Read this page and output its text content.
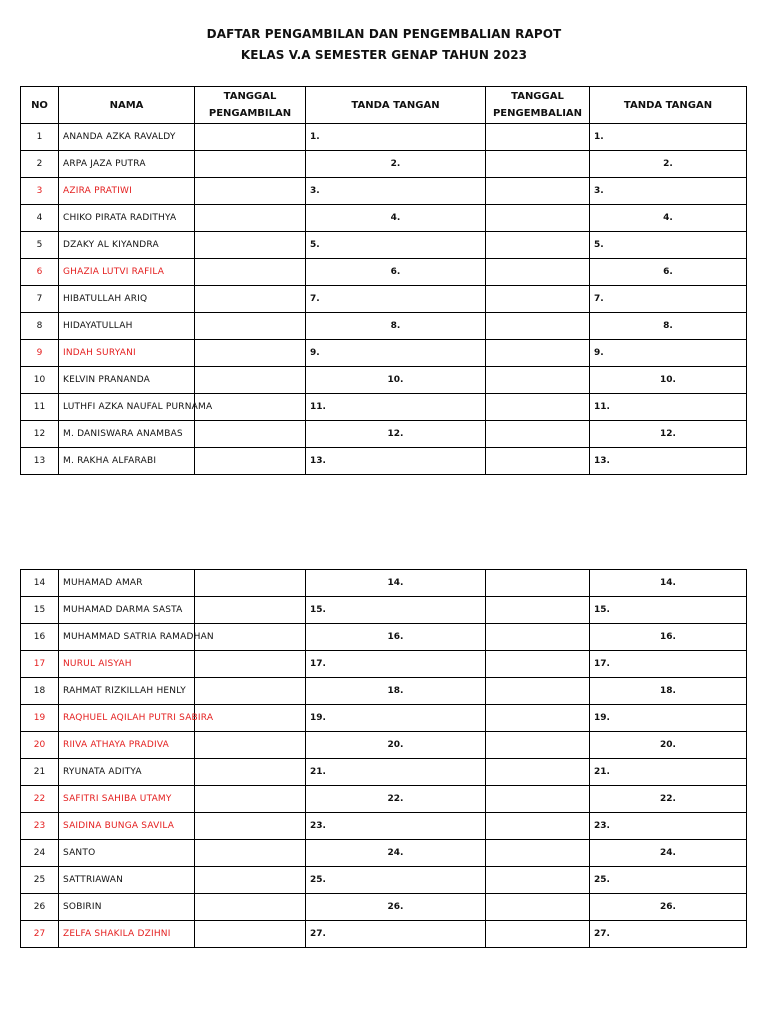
DAFTAR PENGAMBILAN DAN PENGEMBALIAN RAPOT
KELAS V.A SEMESTER GENAP TAHUN 2023
NO	NAMA	TANGGAL PENGAMBILAN	TANDA TANGAN	TANGGAL PENGEMBALIAN	TANDA TANGAN
1	ANANDA AZKA RAVALDY		1.		1.
2	ARPA JAZA PUTRA		2.		2.
3	AZIRA PRATIWI		3.		3.
4	CHIKO PIRATA RADITHYA		4.		4.
5	DZAKY AL KIYANDRA		5.		5.
6	GHAZIA LUTVI RAFILA		6.		6.
7	HIBATULLAH ARIQ		7.		7.
8	HIDAYATULLAH		8.		8.
9	INDAH SURYANI		9.		9.
10	KELVIN PRANANDA		10.		10.
11	LUTHFI AZKA NAUFAL PURNAMA		11.		11.
12	M. DANISWARA ANAMBAS		12.		12.
13	M. RAKHA ALFARABI		13.		13.
14	MUHAMAD AMAR		14.		14.
15	MUHAMAD DARMA SASTA		15.		15.
16	MUHAMMAD SATRIA RAMADHAN		16.		16.
17	NURUL AISYAH		17.		17.
18	RAHMAT RIZKILLAH HENLY		18.		18.
19	RAQHUEL AQILAH PUTRI SABIRA		19.		19.
20	RIIVA ATHAYA PRADIVA		20.		20.
21	RYUNATA ADITYA		21.		21.
22	SAFITRI SAHIBA UTAMY		22.		22.
23	SAIDINA BUNGA SAVILA		23.		23.
24	SANTO		24.		24.
25	SATTRIAWAN		25.		25.
26	SOBIRIN		26.		26.
27	ZELFA SHAKILA DZIHNI		27.		27.
